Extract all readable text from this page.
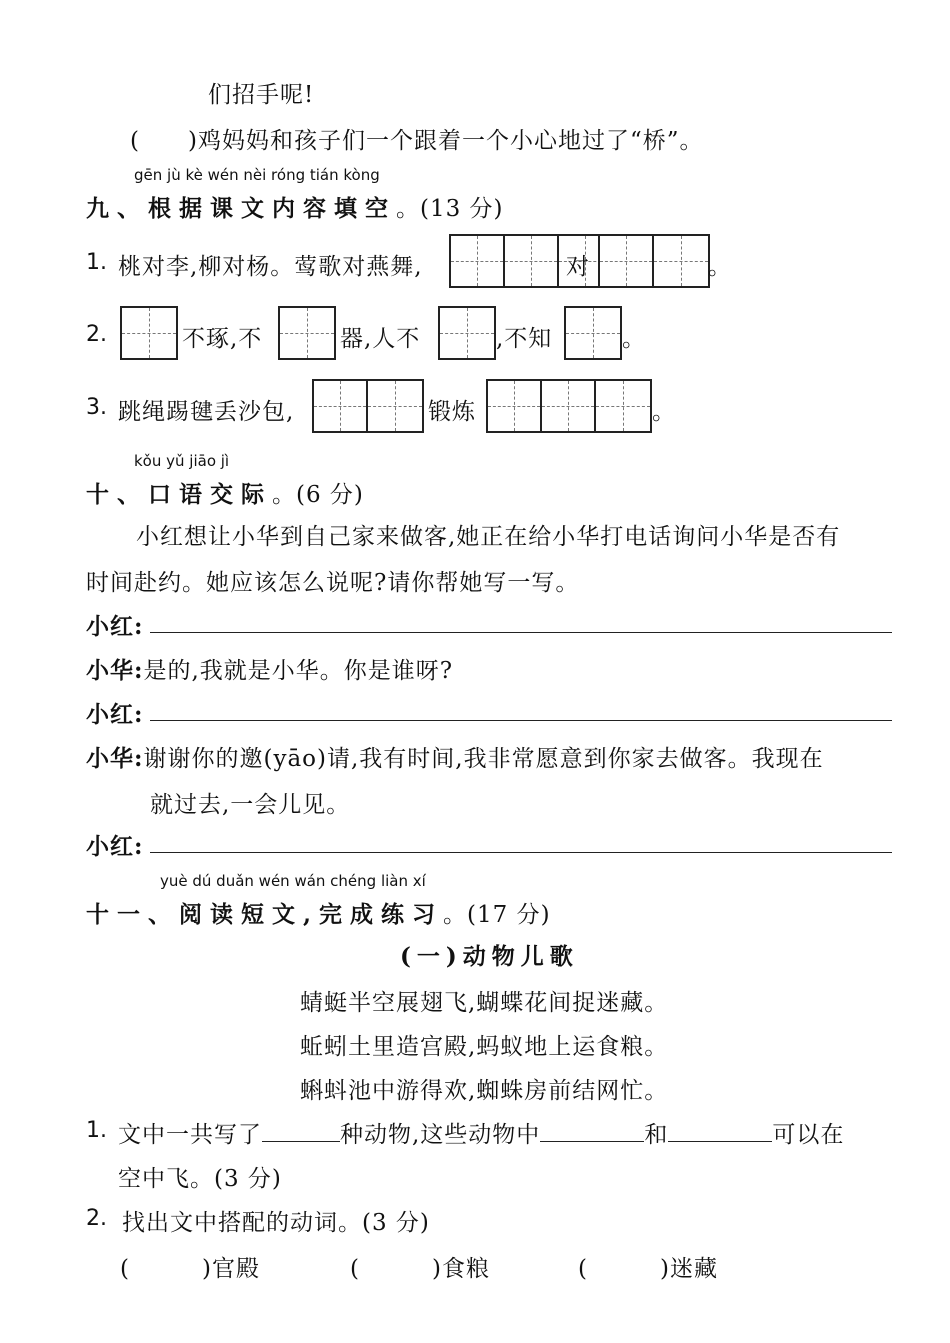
们招手呢!
(　　)鸡妈妈和孩子们一个跟着一个小心地过了“桥”。
gēn jù kè wén nèi róng tián kòng
九、根据课文内容填空。(13 分)
1. 桃对李,柳对杨。莺歌对燕舞,	对	。
2.	不琢,不	器,人不	,不知	。
3. 跳绳踢毽丢沙包,	锻炼	。
kǒu yǔ jiāo jì
十、口语交际。(6 分)
小红想让小华到自己家来做客,她正在给小华打电话询问小华是否有
时间赴约。她应该怎么说呢?请你帮她写一写。
小红:
小华:是的,我就是小华。你是谁呀?
小红:
小华:谢谢你的邀(yāo)请,我有时间,我非常愿意到你家去做客。我现在
就过去,一会儿见。
小红:
yuè dú duǎn wén wán chéng liàn xí
十一、阅读短文,完成练习。(17 分)
(一)动物儿歌
蜻蜓半空展翅飞,蝴蝶花间捉迷藏。
蚯蚓土里造宫殿,蚂蚁地上运食粮。
蝌蚪池中游得欢,蜘蛛房前结网忙。
1. 文中一共写了	种动物,这些动物中	和	可以在
空中飞。(3 分)
2. 找出文中搭配的动词。(3 分)
(　　　)官殿	(　　　)食粮	(　　　)迷藏
